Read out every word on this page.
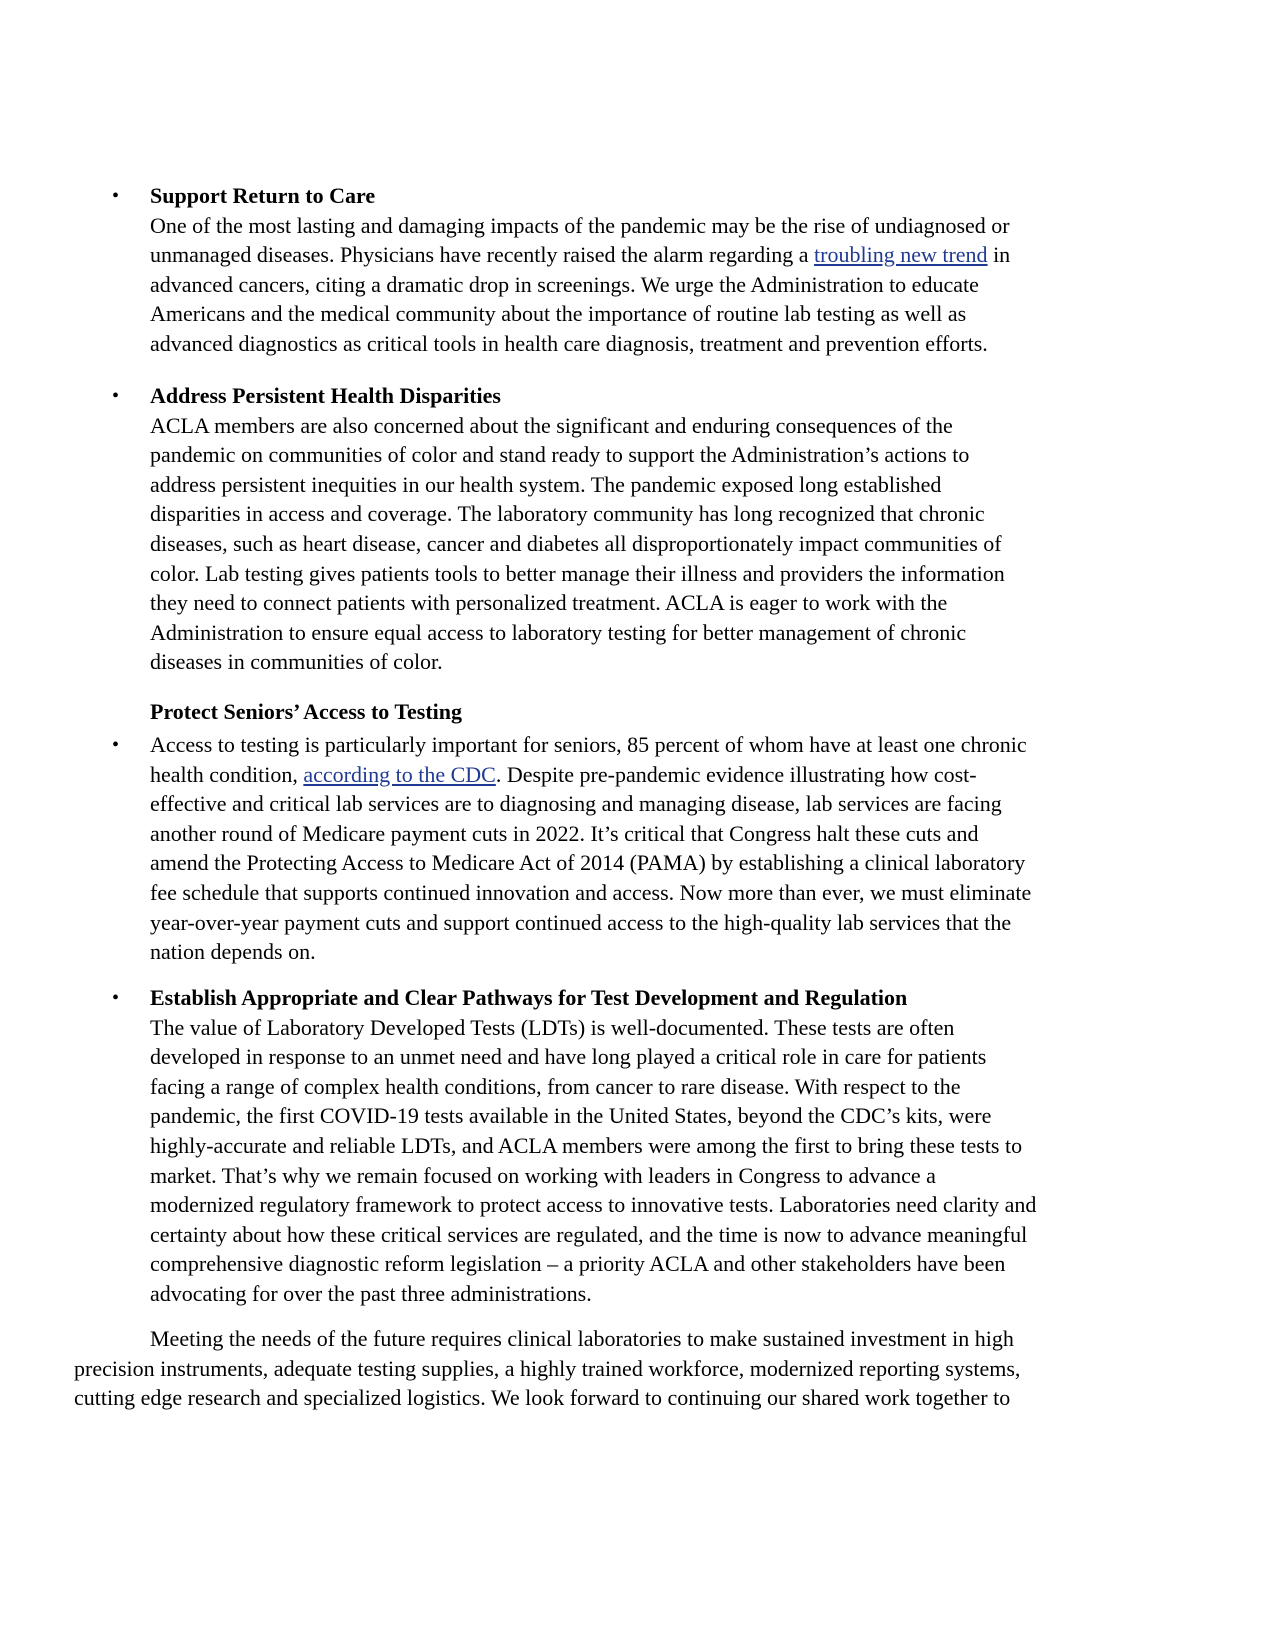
• Support Return to Care
One of the most lasting and damaging impacts of the pandemic may be the rise of undiagnosed or
unmanaged diseases. Physicians have recently raised the alarm regarding a troubling new trend in
advanced cancers, citing a dramatic drop in screenings. We urge the Administration to educate
Americans and the medical community about the importance of routine lab testing as well as
advanced diagnostics as critical tools in health care diagnosis, treatment and prevention efforts.
• Address Persistent Health Disparities
ACLA members are also concerned about the significant and enduring consequences of the
pandemic on communities of color and stand ready to support the Administration’s actions to
address persistent inequities in our health system. The pandemic exposed long established
disparities in access and coverage. The laboratory community has long recognized that chronic
diseases, such as heart disease, cancer and diabetes all disproportionately impact communities of
color. Lab testing gives patients tools to better manage their illness and providers the information
they need to connect patients with personalized treatment. ACLA is eager to work with the
Administration to ensure equal access to laboratory testing for better management of chronic
diseases in communities of color.
Protect Seniors’ Access to Testing
Access to testing is particularly important for seniors, 85 percent of whom have at least one chronic
health condition, according to the CDC. Despite pre-pandemic evidence illustrating how cost-
effective and critical lab services are to diagnosing and managing disease, lab services are facing
another round of Medicare payment cuts in 2022. It’s critical that Congress halt these cuts and
amend the Protecting Access to Medicare Act of 2014 (PAMA) by establishing a clinical laboratory
fee schedule that supports continued innovation and access. Now more than ever, we must eliminate
year-over-year payment cuts and support continued access to the high-quality lab services that the
nation depends on.
•
• Establish Appropriate and Clear Pathways for Test Development and Regulation
The value of Laboratory Developed Tests (LDTs) is well-documented. These tests are often
developed in response to an unmet need and have long played a critical role in care for patients
facing a range of complex health conditions, from cancer to rare disease. With respect to the
pandemic, the first COVID-19 tests available in the United States, beyond the CDC’s kits, were
highly-accurate and reliable LDTs, and ACLA members were among the first to bring these tests to
market. That’s why we remain focused on working with leaders in Congress to advance a
modernized regulatory framework to protect access to innovative tests. Laboratories need clarity and
certainty about how these critical services are regulated, and the time is now to advance meaningful
comprehensive diagnostic reform legislation – a priority ACLA and other stakeholders have been
advocating for over the past three administrations.
Meeting the needs of the future requires clinical laboratories to make sustained investment in high
precision instruments, adequate testing supplies, a highly trained workforce, modernized reporting systems,
cutting edge research and specialized logistics. We look forward to continuing our shared work together to
